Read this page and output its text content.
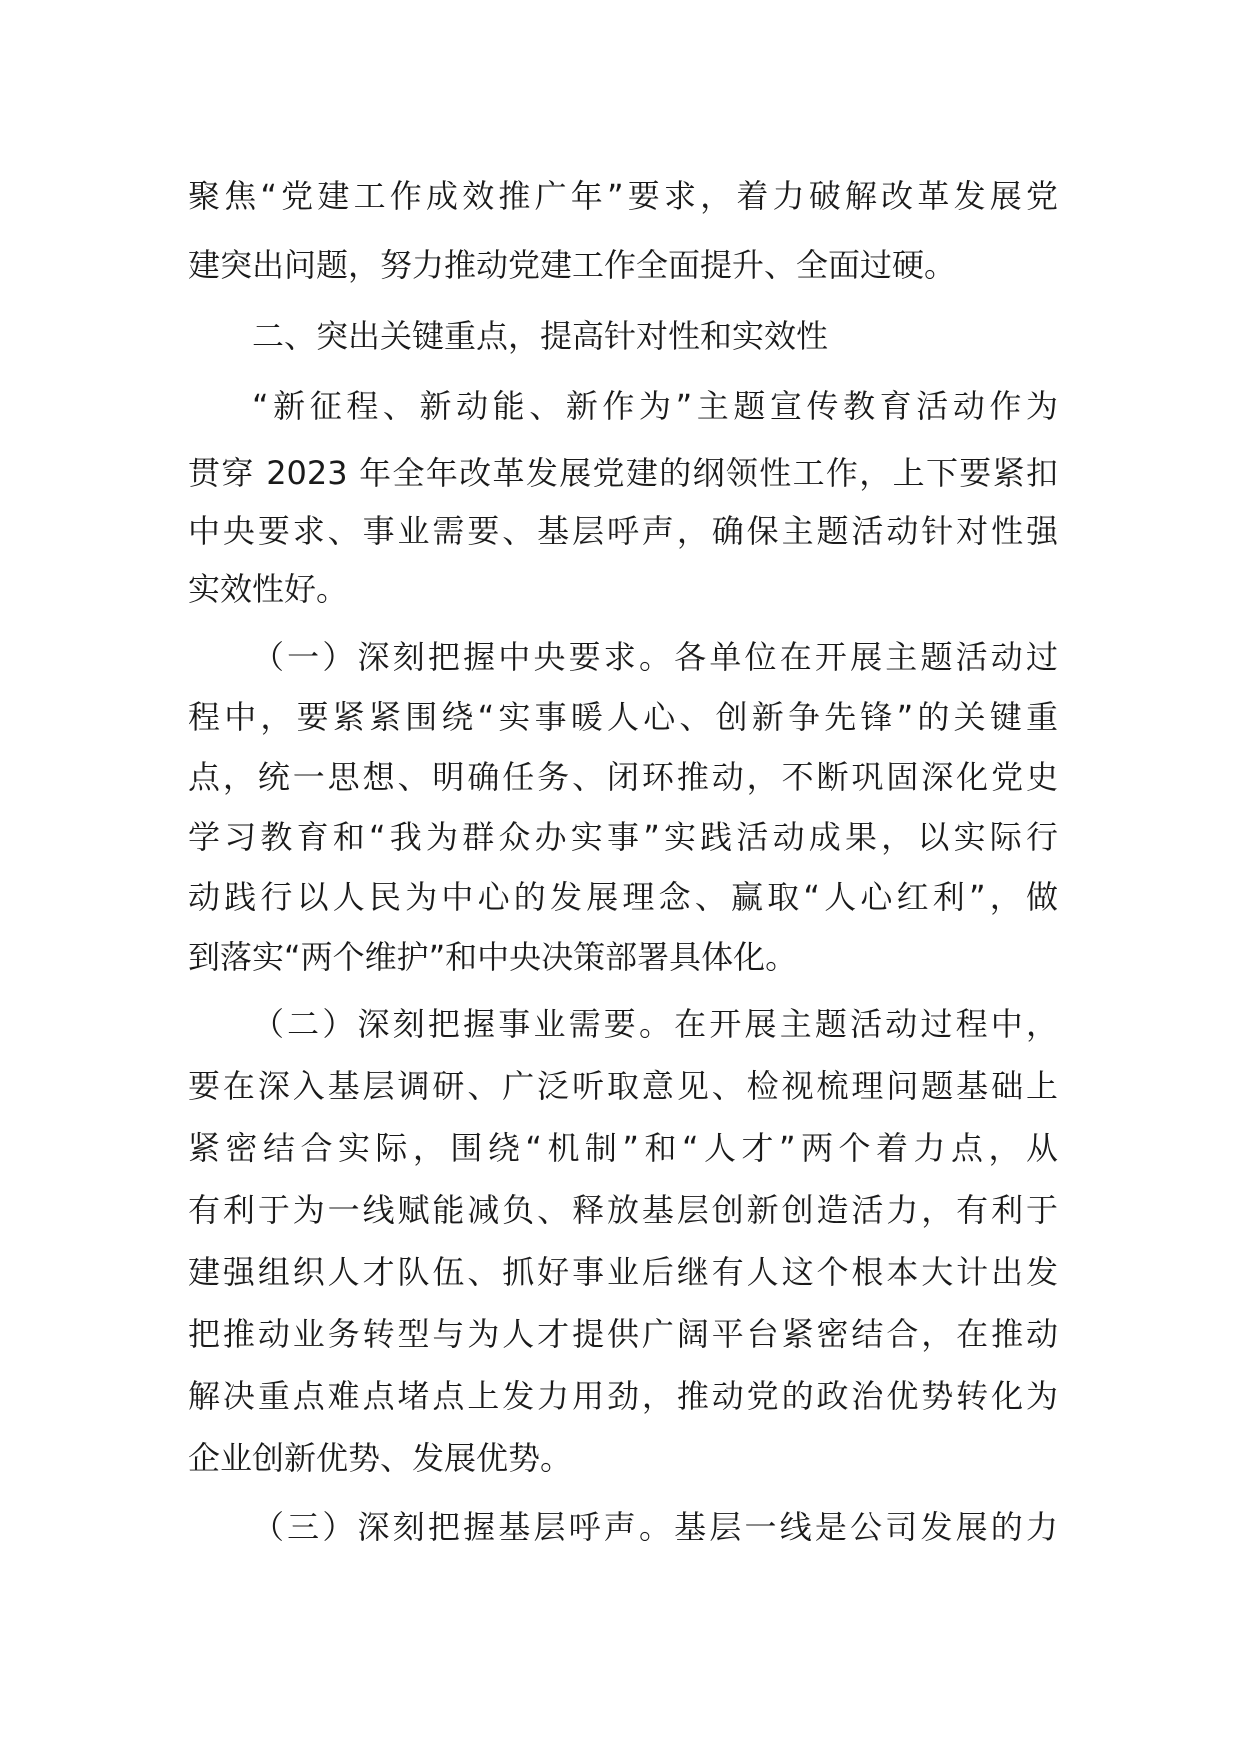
聚焦“党建工作成效推广年”要求，着力破解改革发展党

建突出问题，努力推动党建工作全面提升、全面过硬。

二、突出关键重点，提高针对性和实效性

“新征程、新动能、新作为”主题宣传教育活动作为

贯穿 2023 年全年改革发展党建的纲领性工作，上下要紧扣

中央要求、事业需要、基层呼声，确保主题活动针对性强

实效性好。

（一）深刻把握中央要求。各单位在开展主题活动过

程中，要紧紧围绕“实事暖人心、创新争先锋”的关键重

点，统一思想、明确任务、闭环推动，不断巩固深化党史

学习教育和“我为群众办实事”实践活动成果，以实际行

动践行以人民为中心的发展理念、赢取“人心红利”，做

到落实“两个维护”和中央决策部署具体化。

（二）深刻把握事业需要。在开展主题活动过程中，

要在深入基层调研、广泛听取意见、检视梳理问题基础上

紧密结合实际，围绕“机制”和“人才”两个着力点，从

有利于为一线赋能减负、释放基层创新创造活力，有利于

建强组织人才队伍、抓好事业后继有人这个根本大计出发

把推动业务转型与为人才提供广阔平台紧密结合，在推动

解决重点难点堵点上发力用劲，推动党的政治优势转化为

企业创新优势、发展优势。

（三）深刻把握基层呼声。基层一线是公司发展的力
